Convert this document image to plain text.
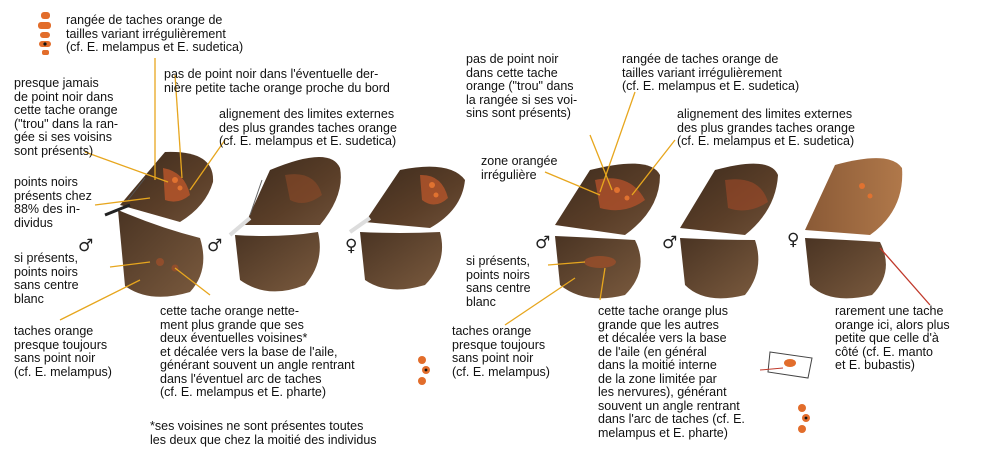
rangée de taches orange de
tailles variant irrégulièrement
(cf. E. melampus et E. sudetica)
presque jamais
de point noir dans
cette tache orange
("trou" dans la ran-
gée si ses voisins
sont présents)
pas de point noir dans l'éventuelle der-
nière petite tache orange proche du bord
alignement des limites externes
des plus grandes taches orange
(cf. E. melampus et E. sudetica)
points noirs
présents chez
88% des in-
dividus
si présents,
points noirs
sans centre
blanc
taches orange
presque toujours
sans point noir
(cf. E. melampus)
cette tache orange nette-
ment plus grande que ses
deux éventuelles voisines*
et décalée vers la base de l'aile,
générant souvent un angle rentrant
dans l'éventuel arc de taches
(cf. E. melampus et E. pharte)
*ses voisines ne sont présentes toutes
les deux que chez la moitié des individus
pas de point noir
dans cette tache
orange ("trou" dans
la rangée si ses voi-
sins sont présents)
rangée de taches orange de
tailles variant irrégulièrement
(cf. E. melampus et E. sudetica)
alignement des limites externes
des plus grandes taches orange
(cf. E. melampus et E. sudetica)
zone orangée
irrégulière
si présents,
points noirs
sans centre
blanc
taches orange
presque toujours
sans point noir
(cf. E. melampus)
cette tache orange plus
grande que les autres
et décalée vers la base
de l'aile (en général
dans la moitié interne
de la zone limitée par
les nervures), générant
souvent un angle rentrant
dans l'arc de taches (cf. E.
melampus et E. pharte)
rarement une tache
orange ici, alors plus
petite que celle d'à
côté (cf. E. manto
et E. bubastis)
♂	♂	♀	♂	♂	♀
